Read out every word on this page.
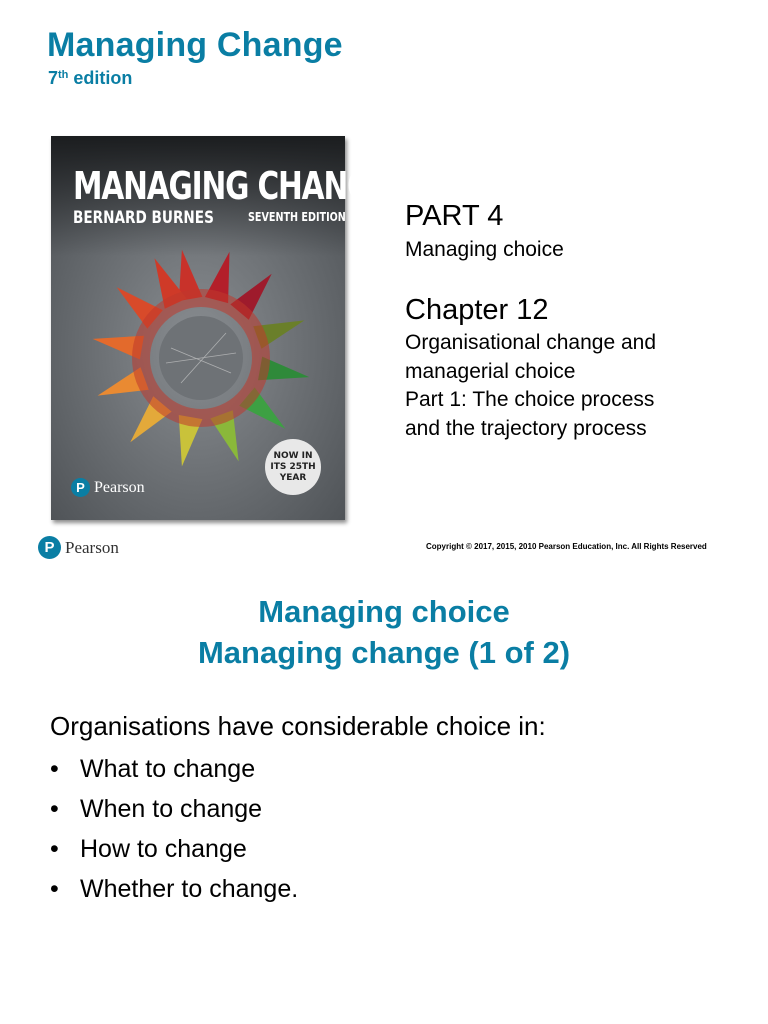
Managing Change
7th edition
MANAGING CHANGE
BERNARD BURNES	SEVENTH EDITION
NOW IN
ITS 25TH
YEAR
P Pearson
PART 4
Managing choice
Chapter 12
Organisational change and
managerial choice
Part 1: The choice process
and the trajectory process
P Pearson	Copyright © 2017, 2015, 2010 Pearson Education, Inc. All Rights Reserved
Managing choice
Managing change (1 of 2)
Organisations have considerable choice in:
• What to change
• When to change
• How to change
• Whether to change.
